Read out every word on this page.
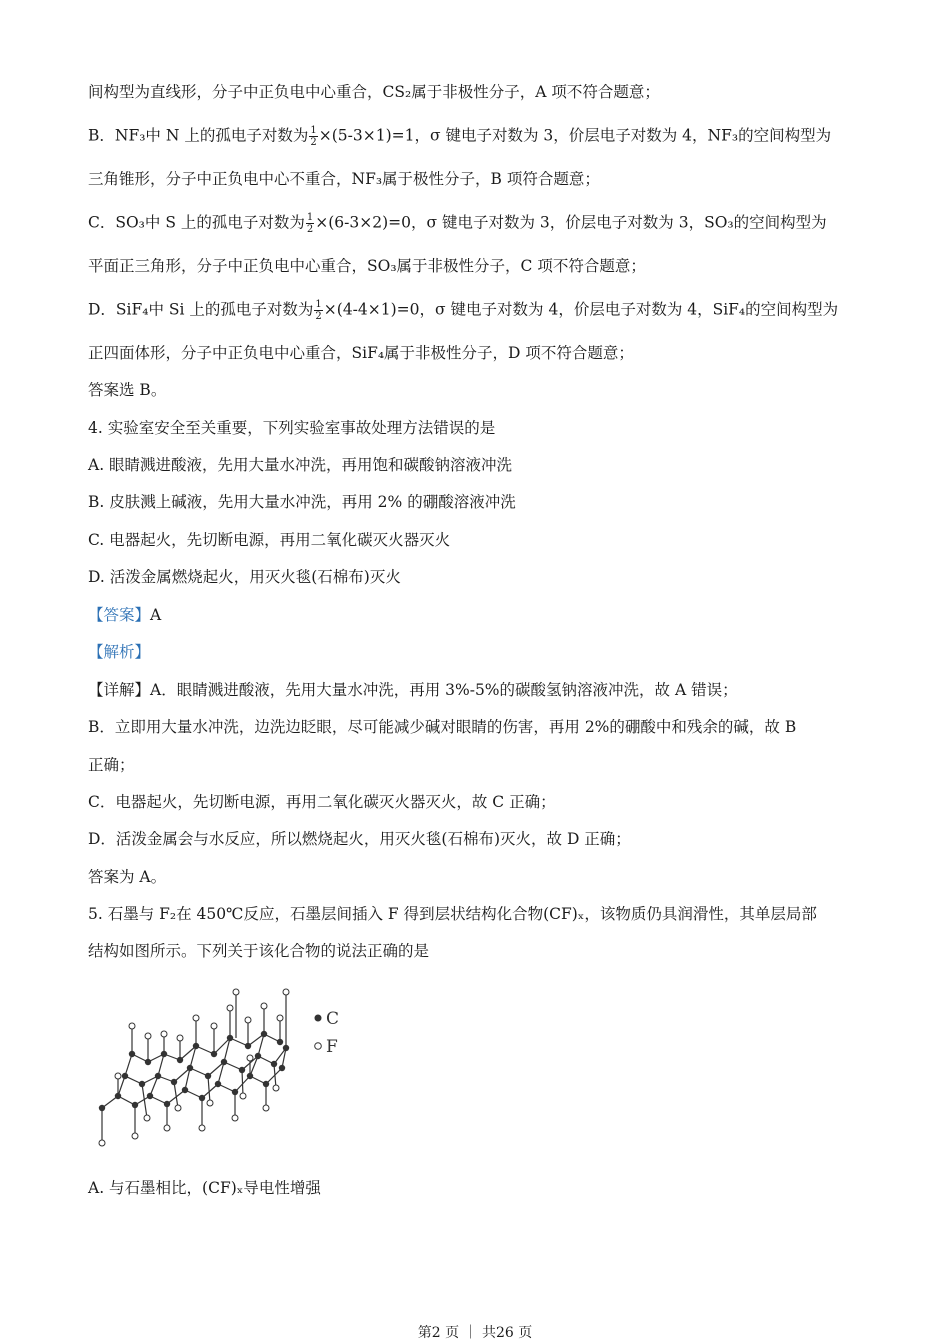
间构型为直线形，分子中正负电中心重合，CS₂属于非极性分子，A 项不符合题意；
B．NF₃中 N 上的孤电子对数为 $\frac{1}{2} \times(5-3\times 1)=1$，σ 键电子对数为 3，价层电子对数为 4，NF₃的空间构型为
三角锥形，分子中正负电中心不重合，NF₃属于极性分子，B 项符合题意；
C．SO₃中 S 上的孤电子对数为 $\frac{1}{2} \times(6-3\times 2)=0$，σ 键电子对数为 3，价层电子对数为 3，SO₃的空间构型为
平面正三角形，分子中正负电中心重合，SO₃属于非极性分子，C 项不符合题意；
D．SiF₄中 Si 上的孤电子对数为 $\frac{1}{2} \times(4-4\times 1)=0$，σ 键电子对数为 4，价层电子对数为 4，SiF₄的空间构型为
正四面体形，分子中正负电中心重合，SiF₄属于非极性分子，D 项不符合题意；
答案选 B。
4. 实验室安全至关重要，下列实验室事故处理方法错误的是
A. 眼睛溅进酸液，先用大量水冲洗，再用饱和碳酸钠溶液冲洗
B. 皮肤溅上碱液，先用大量水冲洗，再用 2% 的硼酸溶液冲洗
C. 电器起火，先切断电源，再用二氧化碳灭火器灭火
D. 活泼金属燃烧起火，用灭火毯(石棉布)灭火
【答案】A
【解析】
【详解】A．眼睛溅进酸液，先用大量水冲洗，再用 3%-5%的碳酸氢钠溶液冲洗，故 A 错误；
B．立即用大量水冲洗，边洗边眨眼，尽可能减少碱对眼睛的伤害，再用 2%的硼酸中和残余的碱，故 B
正确；
C．电器起火，先切断电源，再用二氧化碳灭火器灭火，故 C 正确；
D．活泼金属会与水反应，所以燃烧起火，用灭火毯(石棉布)灭火，故 D 正确；
答案为 A。
5. 石墨与 F₂在 450℃反应，石墨层间插入 F 得到层状结构化合物(CF)ₓ，该物质仍具润滑性，其单层局部
结构如图所示。下列关于该化合物的说法正确的是
C
F
A. 与石墨相比，(CF)ₓ导电性增强
第2 页 ｜ 共26 页
